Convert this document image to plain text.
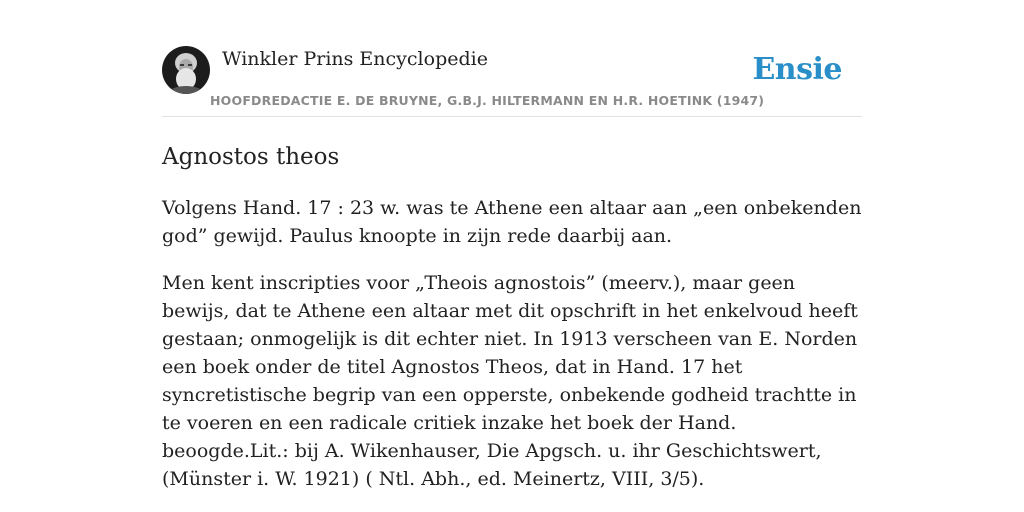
Winkler Prins Encyclopedie
HOOFDREDACTIE E. DE BRUYNE, G.B.J. HILTERMANN EN H.R. HOETINK (1947)
Ensie
Agnostos theos

Volgens Hand. 17 : 23 w. was te Athene een altaar aan „een onbekenden god” gewijd. Paulus knoopte in zijn rede daarbij aan.

Men kent inscripties voor „Theois agnostois” (meerv.), maar geen bewijs, dat te Athene een altaar met dit opschrift in het enkelvoud heeft gestaan; onmogelijk is dit echter niet. In 1913 verscheen van E. Norden een boek onder de titel Agnostos Theos, dat in Hand. 17 het syncretistische begrip van een opperste, onbekende godheid trachtte in te voeren en een radicale critiek inzake het boek der Hand. beoogde.Lit.: bij A. Wikenhauser, Die Apgsch. u. ihr Geschichtswert, (Münster i. W. 1921) ( Ntl. Abh., ed. Meinertz, VIII, 3/5).
